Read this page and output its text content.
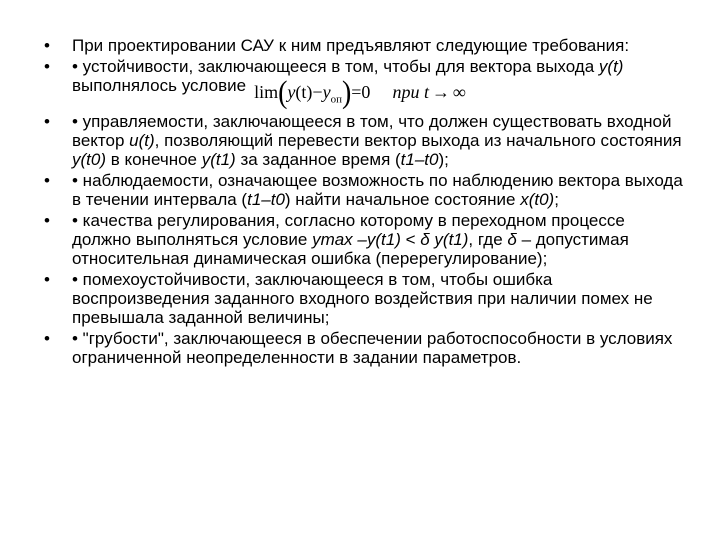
•	При проектировании САУ к ним предъявляют следующие требования:
•	• устойчивости, заключающееся в том, чтобы для вектора выхода y(t) выполнялось условие $\lim(y(t)-y_{оп})=0$ при t → ∞
•	• управляемости, заключающееся в том, что должен существовать входной вектор u(t), позволяющий перевести вектор выхода из начального состояния y(t0) в конечное y(t1) за заданное время (t1–t0);
•	• наблюдаемости, означающее возможность по наблюдению вектора выхода в течении интервала (t1–t0) найти начальное состояние x(t0);
•	• качества регулирования, согласно которому в переходном процессе должно выполняться условие ymax –y(t1) < δ y(t1), где δ – допустимая относительная динамическая ошибка (перерегулирование);
•	• помехоустойчивости, заключающееся в том, чтобы ошибка воспроизведения заданного входного воздействия при наличии помех не превышала заданной величины;
•	• "грубости", заключающееся в обеспечении работоспособности в условиях ограниченной неопределенности в задании параметров.
